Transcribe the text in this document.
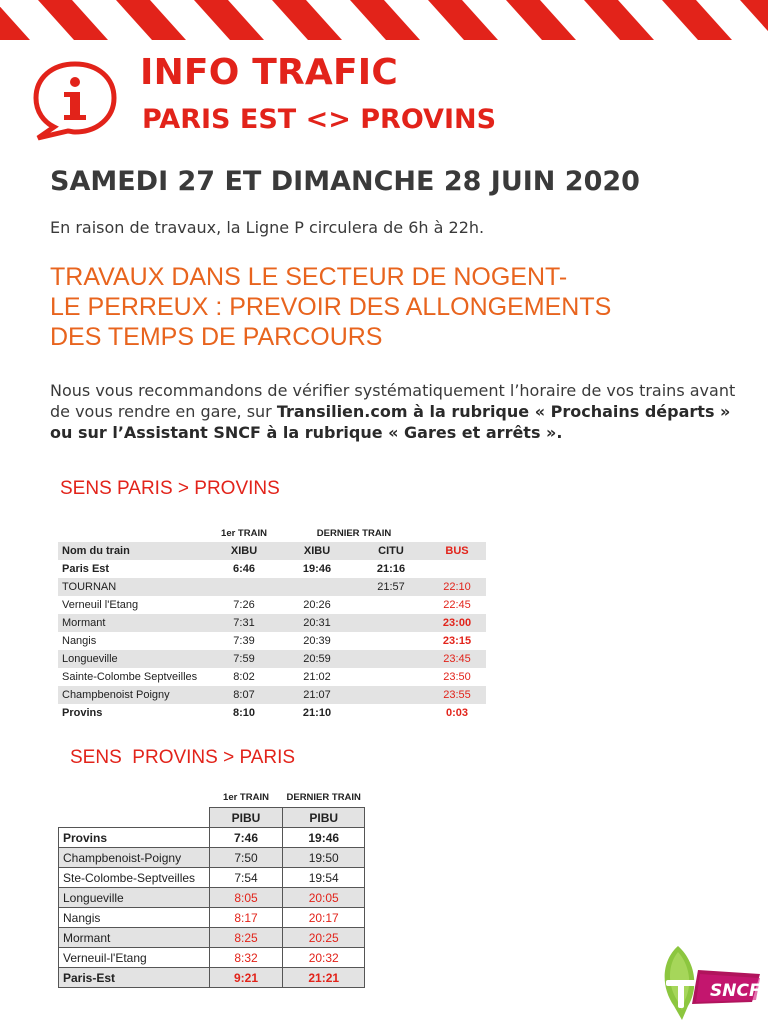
INFO TRAFIC
PARIS EST <> PROVINS
SAMEDI 27 ET DIMANCHE 28 JUIN 2020
En raison de travaux, la Ligne P circulera de 6h à 22h.
TRAVAUX DANS LE SECTEUR DE NOGENT-
LE PERREUX : PREVOIR DES ALLONGEMENTS
DES TEMPS DE PARCOURS
Nous vous recommandons de vérifier systématiquement l’horaire de vos trains avant de vous rendre en gare, sur Transilien.com à la rubrique « Prochains départs » ou sur l’Assistant SNCF à la rubrique « Gares et arrêts ».
SENS PARIS > PROVINS
	1er TRAIN	DERNIER TRAIN		
Nom du train	XIBU	XIBU	CITU	BUS
Paris Est	6:46	19:46	21:16	
TOURNAN			21:57	22:10
Verneuil l'Etang	7:26	20:26		22:45
Mormant	7:31	20:31		23:00
Nangis	7:39	20:39		23:15
Longueville	7:59	20:59		23:45
Sainte-Colombe Septveilles	8:02	21:02		23:50
Champbenoist Poigny	8:07	21:07		23:55
Provins	8:10	21:10		0:03
SENS  PROVINS > PARIS
	1er TRAIN	DERNIER TRAIN
	PIBU	PIBU
Provins	7:46	19:46
Champbenoist-Poigny	7:50	19:50
Ste-Colombe-Septveilles	7:54	19:54
Longueville	8:05	20:05
Nangis	8:17	20:17
Mormant	8:25	20:25
Verneuil-l'Etang	8:32	20:32
Paris-Est	9:21	21:21
SNCF
